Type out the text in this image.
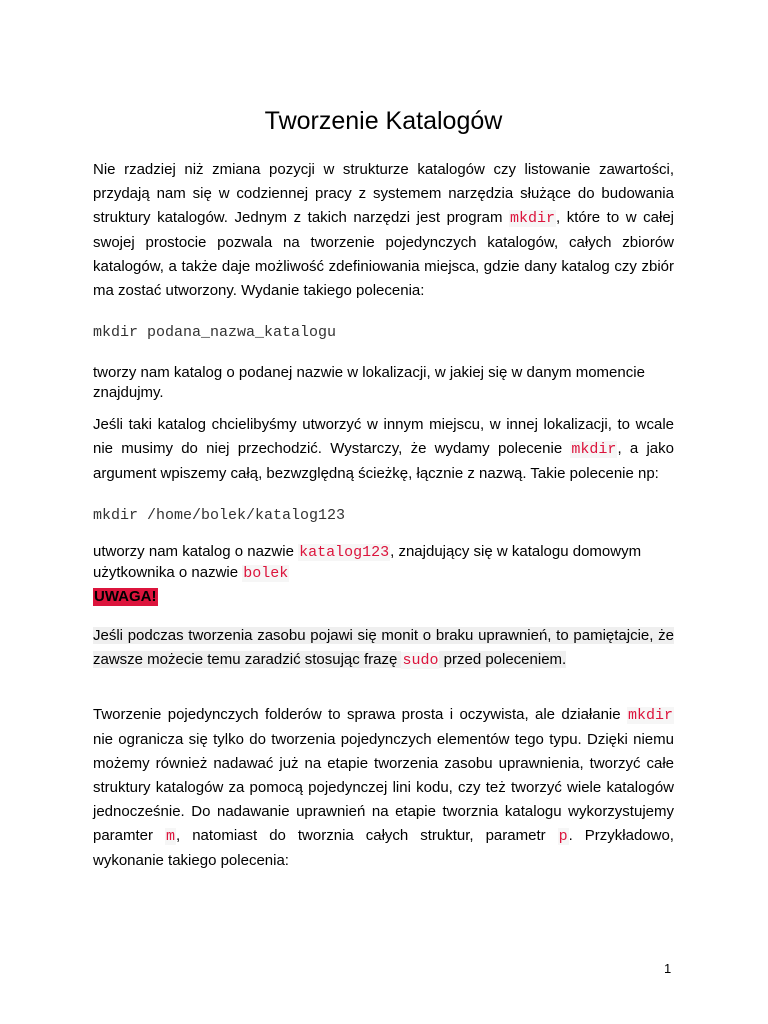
Tworzenie Katalogów

Nie rzadziej niż zmiana pozycji w strukturze katalogów czy listowanie zawartości, przydają nam się w codziennej pracy z systemem narzędzia służące do budowania struktury katalogów. Jednym z takich narzędzi jest program mkdir, które to w całej swojej prostocie pozwala na tworzenie pojedynczych katalogów, całych zbiorów katalogów, a także daje możliwość zdefiniowania miejsca, gdzie dany katalog czy zbiór ma zostać utworzony. Wydanie takiego polecenia:

mkdir podana_nazwa_katalogu

tworzy nam katalog o podanej nazwie w lokalizacji, w jakiej się w danym momencie znajdujmy.

Jeśli taki katalog chcielibyśmy utworzyć w innym miejscu, w innej lokalizacji, to wcale nie musimy do niej przechodzić. Wystarczy, że wydamy polecenie mkdir, a jako argument wpiszemy całą, bezwzględną ścieżkę, łącznie z nazwą. Takie polecenie np:

mkdir /home/bolek/katalog123

utworzy nam katalog o nazwie katalog123, znajdujący się w katalogu domowym użytkownika o nazwie bolek

UWAGA!

Jeśli podczas tworzenia zasobu pojawi się monit o braku uprawnień, to pamiętajcie, że zawsze możecie temu zaradzić stosując frazę sudo przed poleceniem.

Tworzenie pojedynczych folderów to sprawa prosta i oczywista, ale działanie mkdir nie ogranicza się tylko do tworzenia pojedynczych elementów tego typu. Dzięki niemu możemy również nadawać już na etapie tworzenia zasobu uprawnienia, tworzyć całe struktury katalogów za pomocą pojedynczej lini kodu, czy też tworzyć wiele katalogów jednocześnie. Do nadawanie uprawnień na etapie tworznia katalogu wykorzystujemy paramter m, natomiast do tworznia całych struktur, parametr p. Przykładowo, wykonanie takiego polecenia:

1
